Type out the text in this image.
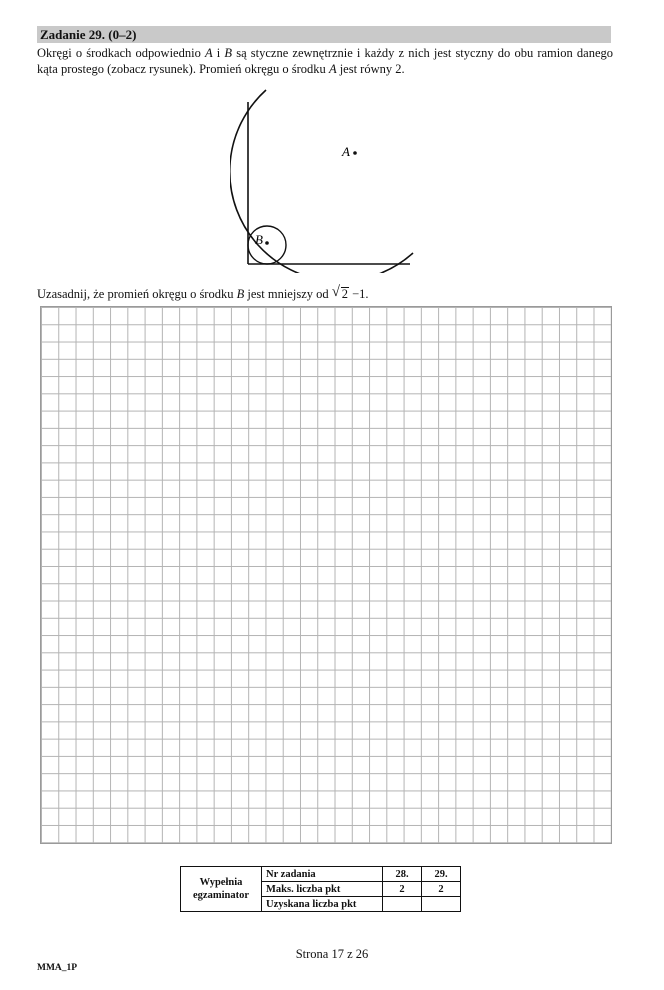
Zadanie 29. (0–2)
Okręgi o środkach odpowiednio A i B są styczne zewnętrznie i każdy z nich jest styczny do obu ramion danego kąta prostego (zobacz rysunek). Promień okręgu o środku A jest równy 2.
A
B
Uzasadnij, że promień okręgu o środku B jest mniejszy od √ 2 −1.
Wypełnia egzaminator	Nr zadania	28.	29.
	Maks. liczba pkt	2	2
	Uzyskana liczba pkt		
Strona 17 z 26
MMA_1P
